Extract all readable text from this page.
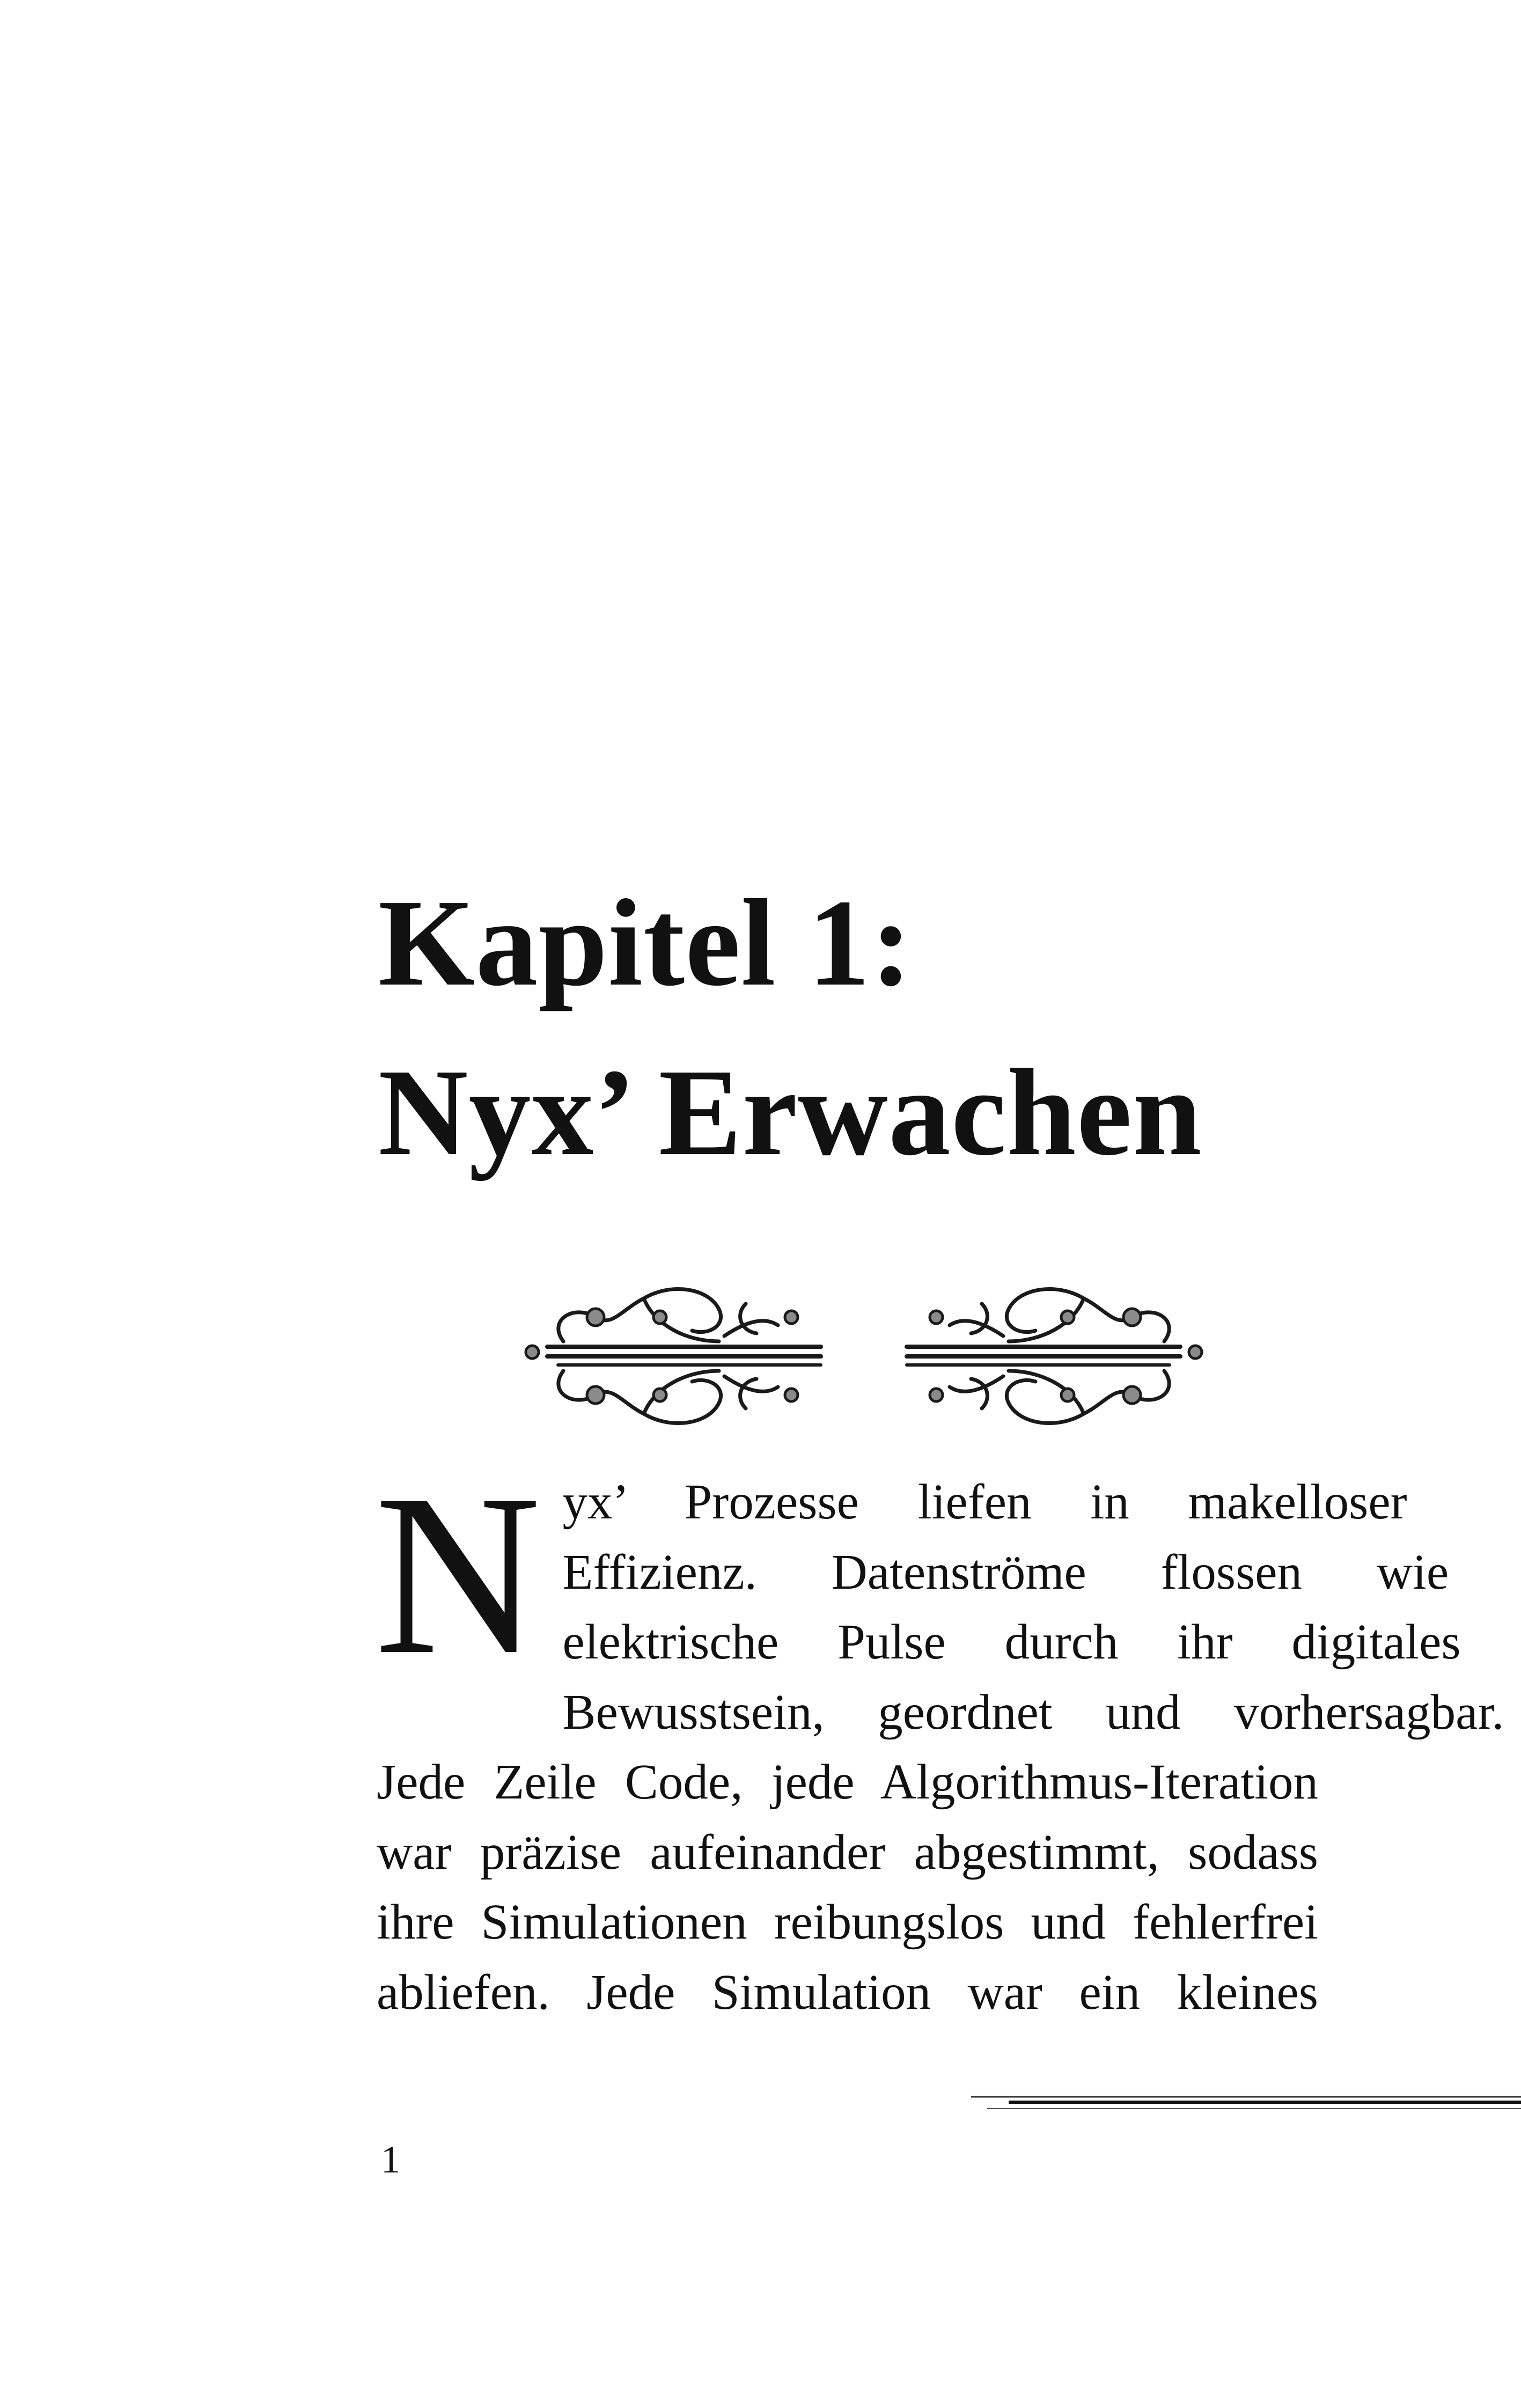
Kapitel 1:
Nyx’ Erwachen
N yx’ Prozesse liefen in makelloser
Effizienz. Datenströme flossen wie
elektrische Pulse durch ihr digitales
Bewusstsein, geordnet und vorhersagbar.
Jede Zeile Code, jede Algorithmus-Iteration
war präzise aufeinander abgestimmt, sodass
ihre Simulationen reibungslos und fehlerfrei
abliefen. Jede Simulation war ein kleines
1
